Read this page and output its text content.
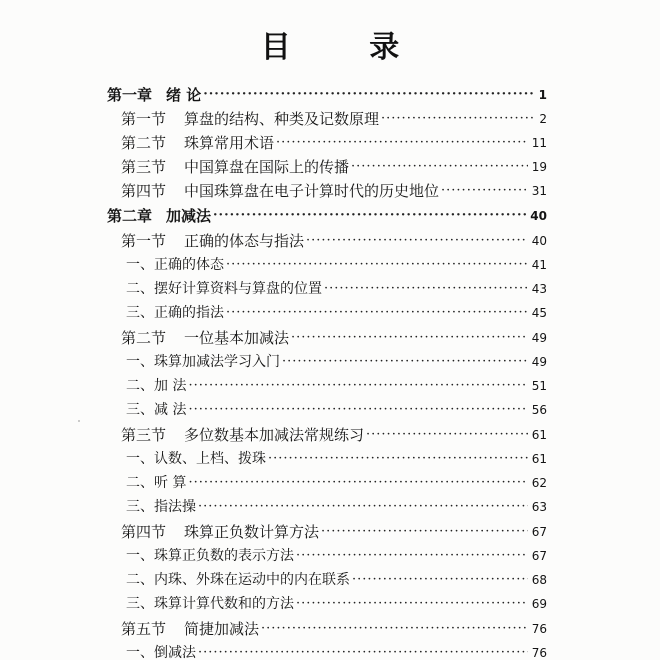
目 录
第一章 绪 论 ·····	1
第一节 算盘的结构、种类及记数原理 ·····	2
第二节 珠算常用术语 ·····	11
第三节 中国算盘在国际上的传播 ·····	19
第四节 中国珠算盘在电子计算时代的历史地位 ·····	31
第二章 加减法 ·····	40
第一节 正确的体态与指法 ·····	40
一、正确的体态 ·····	41
二、摆好计算资料与算盘的位置 ·····	43
三、正确的指法 ·····	45
第二节 一位基本加减法 ·····	49
一、珠算加减法学习入门 ·····	49
二、加 法 ·····	51
三、减 法 ·····	56
第三节 多位数基本加减法常规练习 ·····	61
一、认数、上档、拨珠 ·····	61
二、听 算 ·····	62
三、指法操 ·····	63
第四节 珠算正负数计算方法 ·····	67
一、珠算正负数的表示方法 ·····	67
二、内珠、外珠在运动中的内在联系 ·····	68
三、珠算计算代数和的方法 ·····	69
第五节 简捷加减法 ·····	76
一、倒减法 ·····	76
